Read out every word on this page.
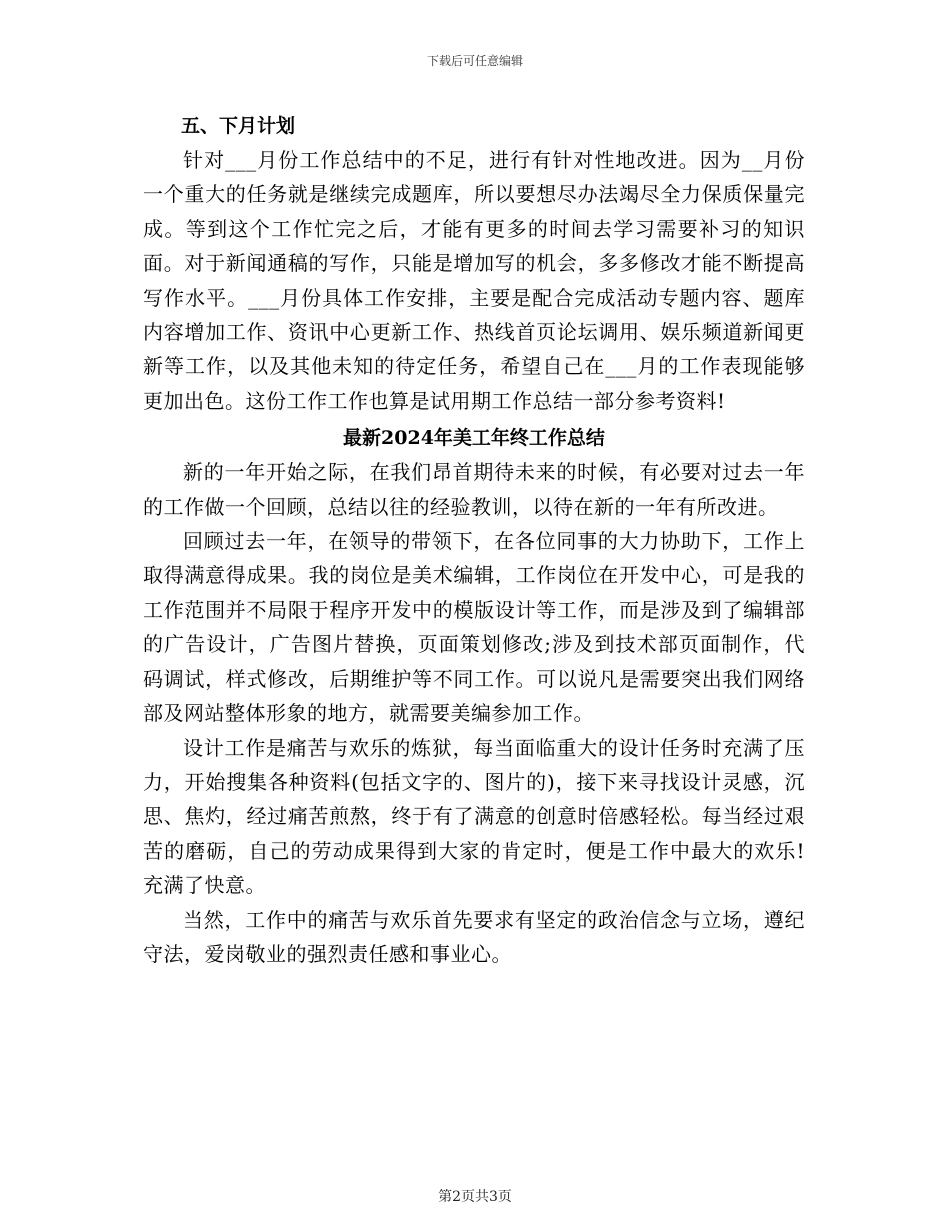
下载后可任意编辑
五、下月计划

针对___月份工作总结中的不足，进行有针对性地改进。因为__月份一个重大的任务就是继续完成题库，所以要想尽办法竭尽全力保质保量完成。等到这个工作忙完之后，才能有更多的时间去学习需要补习的知识面。对于新闻通稿的写作，只能是增加写的机会，多多修改才能不断提高写作水平。___月份具体工作安排，主要是配合完成活动专题内容、题库内容增加工作、资讯中心更新工作、热线首页论坛调用、娱乐频道新闻更新等工作，以及其他未知的待定任务，希望自己在___月的工作表现能够更加出色。这份工作工作也算是试用期工作总结一部分参考资料!

最新2024年美工年终工作总结

新的一年开始之际，在我们昂首期待未来的时候，有必要对过去一年的工作做一个回顾，总结以往的经验教训，以待在新的一年有所改进。

回顾过去一年，在领导的带领下，在各位同事的大力协助下，工作上取得满意得成果。我的岗位是美术编辑，工作岗位在开发中心，可是我的工作范围并不局限于程序开发中的模版设计等工作，而是涉及到了编辑部的广告设计，广告图片替换，页面策划修改;涉及到技术部页面制作，代码调试，样式修改，后期维护等不同工作。可以说凡是需要突出我们网络部及网站整体形象的地方，就需要美编参加工作。

设计工作是痛苦与欢乐的炼狱，每当面临重大的设计任务时充满了压力，开始搜集各种资料(包括文字的、图片的)，接下来寻找设计灵感，沉思、焦灼，经过痛苦煎熬，终于有了满意的创意时倍感轻松。每当经过艰苦的磨砺，自己的劳动成果得到大家的肯定时，便是工作中最大的欢乐!充满了快意。

当然，工作中的痛苦与欢乐首先要求有坚定的政治信念与立场，遵纪守法，爱岗敬业的强烈责任感和事业心。

第2页共3页
